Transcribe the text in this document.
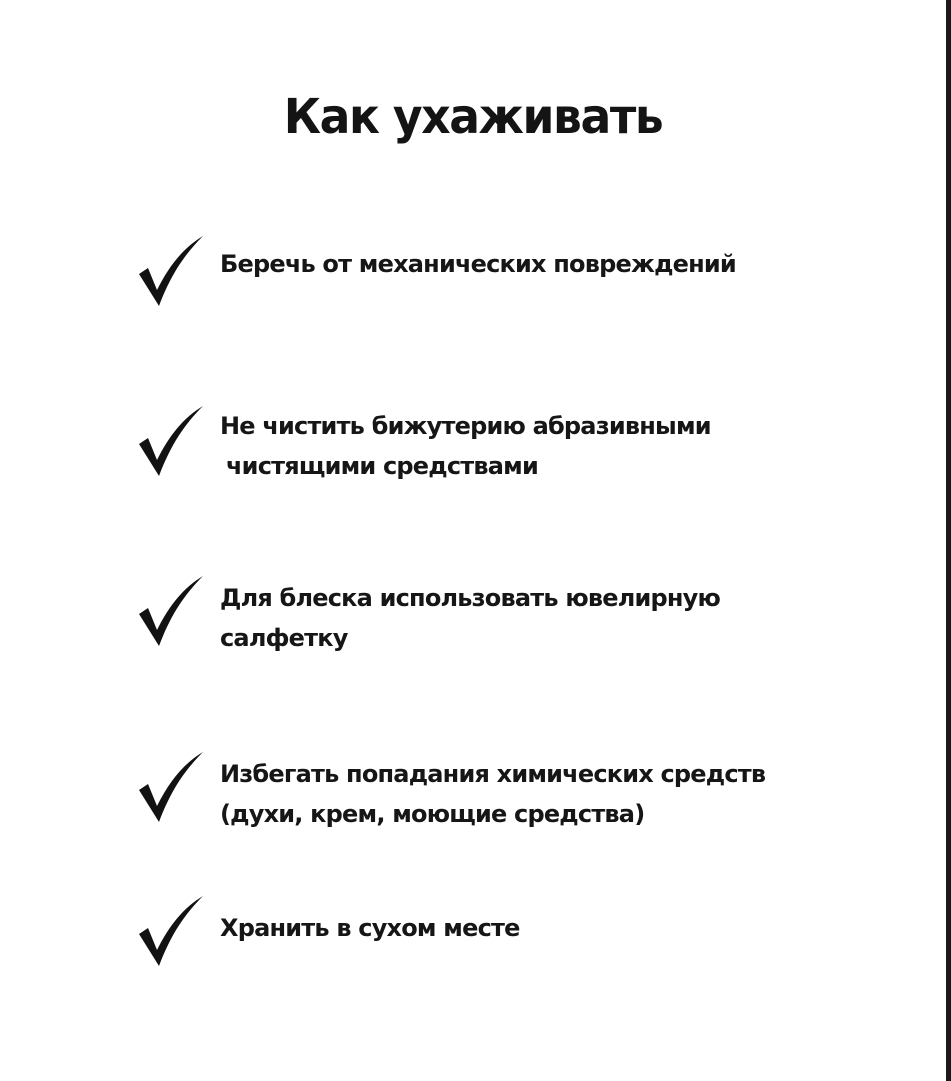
Как ухаживать
Беречь от механических повреждений
Не чистить бижутерию абразивными
чистящими средствами
Для блеска использовать ювелирную
салфетку
Избегать попадания химических средств
(духи, крем, моющие средства)
Хранить в сухом месте
